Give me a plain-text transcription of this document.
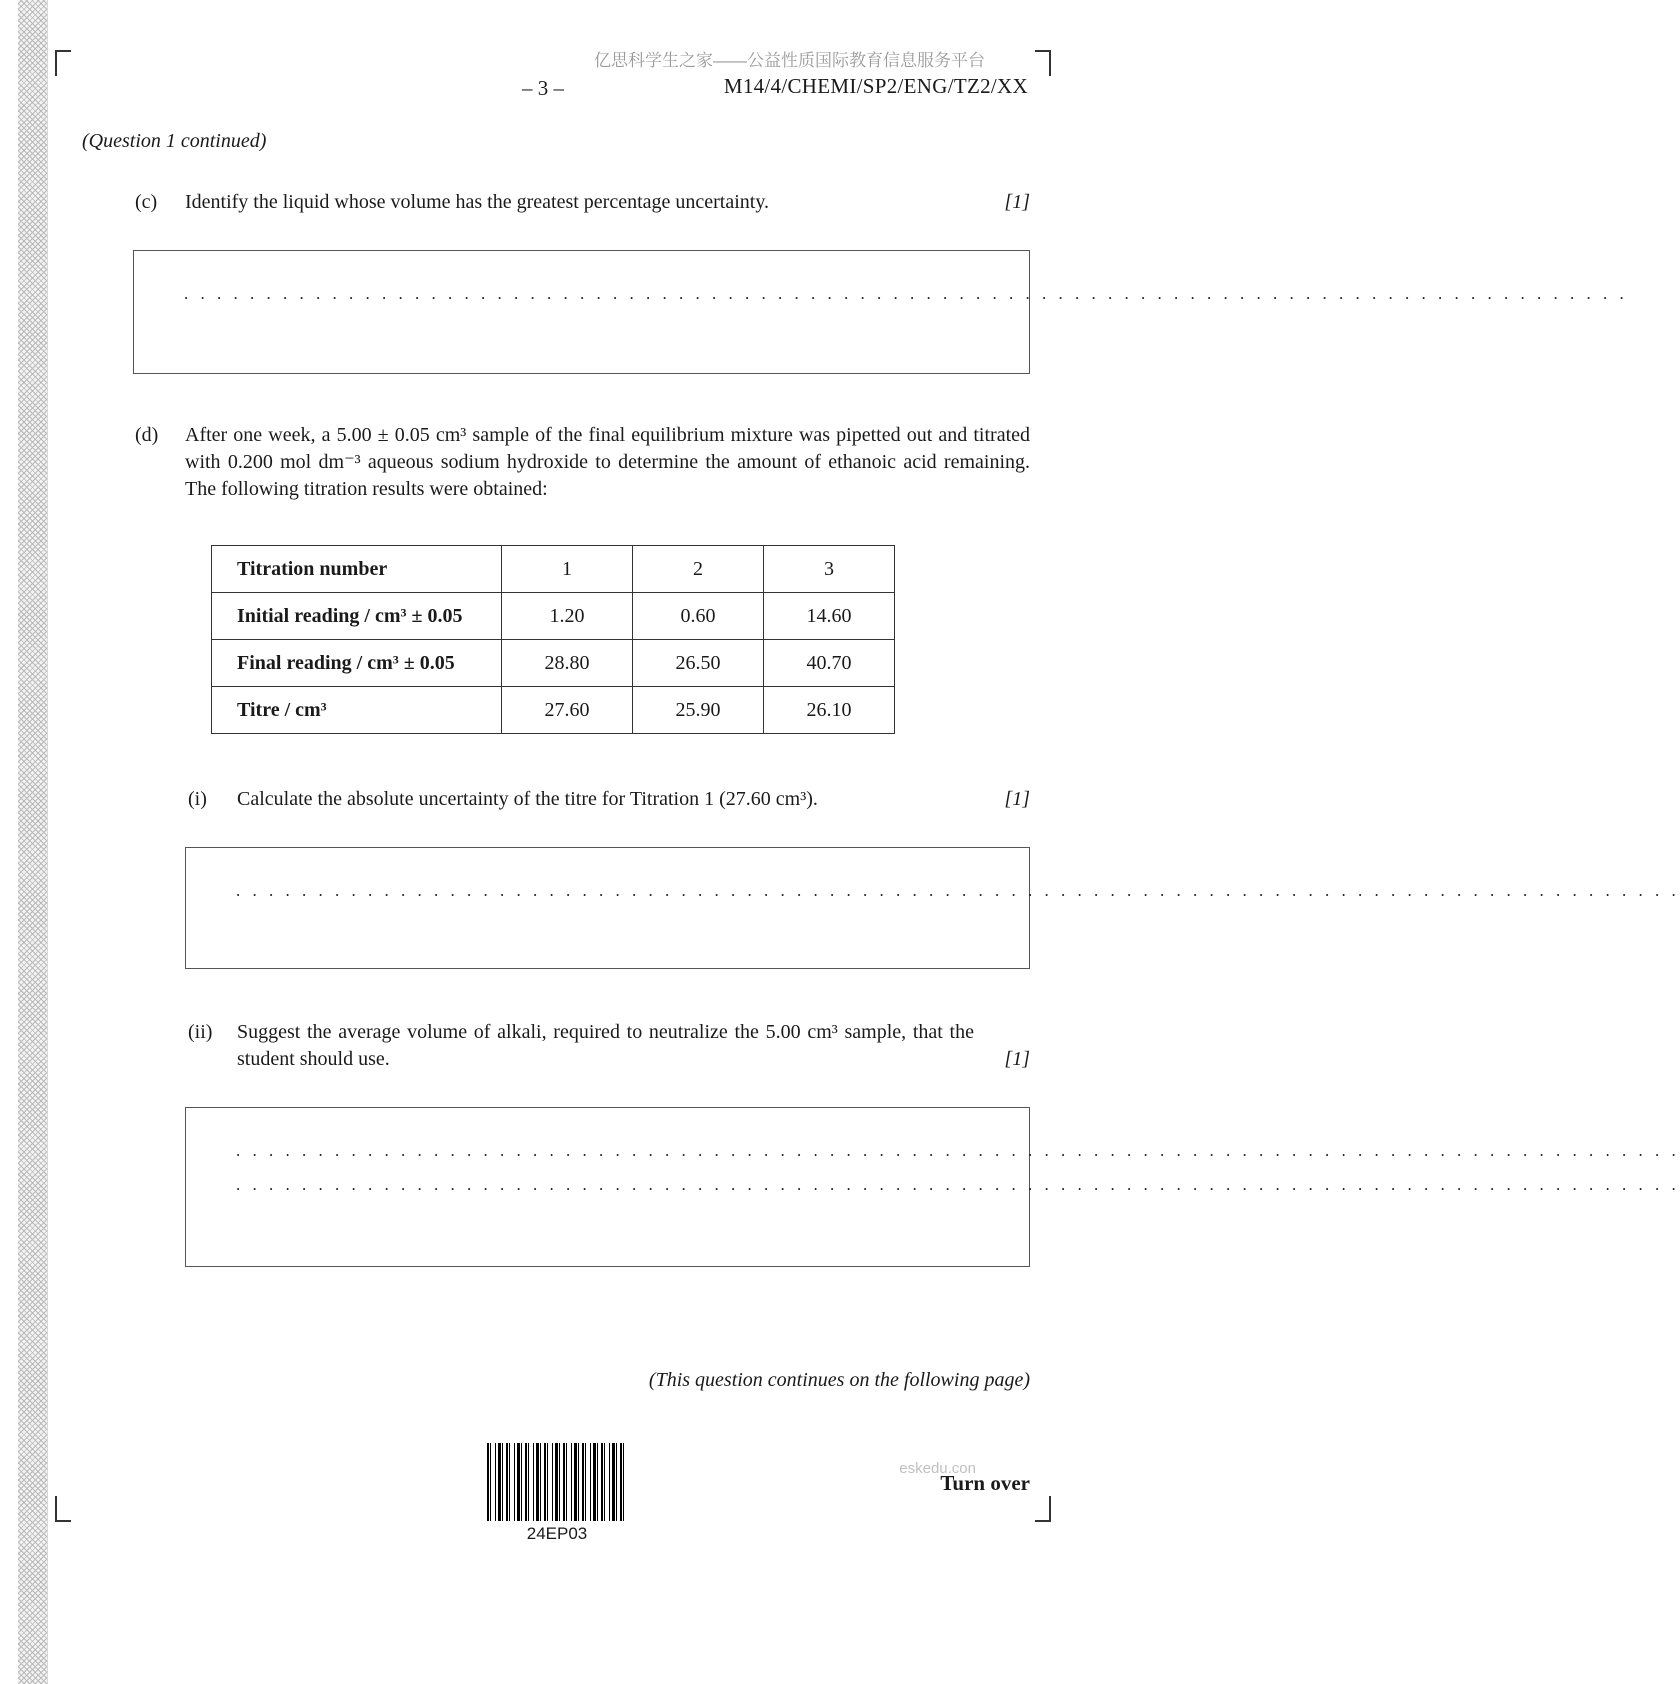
亿思科学生之家——公益性质国际教育信息服务平台
– 3 –	M14/4/CHEMI/SP2/ENG/TZ2/XX
(Question 1 continued)
(c)	Identify the liquid whose volume has the greatest percentage uncertainty.	[1]
. . . . . . . . . . . . . . . . . . . . . . . . . . . . . . . . . . . . . . . . . . . . . . . . . . . . . . . . . . . . . . . . . . . . . . . . . . . . . . . . . . . . . . . .
(d)	After one week, a 5.00 ± 0.05 cm³ sample of the final equilibrium mixture was pipetted out and titrated with 0.200 mol dm⁻³ aqueous sodium hydroxide to determine the amount of ethanoic acid remaining. The following titration results were obtained:
Titration number	1	2	3
Initial reading / cm³ ± 0.05	1.20	0.60	14.60
Final reading / cm³ ± 0.05	28.80	26.50	40.70
Titre / cm³	27.60	25.90	26.10
(i)	Calculate the absolute uncertainty of the titre for Titration 1 (27.60 cm³).	[1]
. . . . . . . . . . . . . . . . . . . . . . . . . . . . . . . . . . . . . . . . . . . . . . . . . . . . . . . . . . . . . . . . . . . . . . . . . . . . . . . . . . . . . . . .
(ii)	Suggest the average volume of alkali, required to neutralize the 5.00 cm³ sample, that the student should use.	[1]
. . . . . . . . . . . . . . . . . . . . . . . . . . . . . . . . . . . . . . . . . . . . . . . . . . . . . . . . . . . . . . . . . . . . . . . . . . . . . . . . . . . . . . . .
. . . . . . . . . . . . . . . . . . . . . . . . . . . . . . . . . . . . . . . . . . . . . . . . . . . . . . . . . . . . . . . . . . . . . . . . . . . . . . . . . . . . . . . .
(This question continues on the following page)
24EP03
eskedu.con
Turn over
